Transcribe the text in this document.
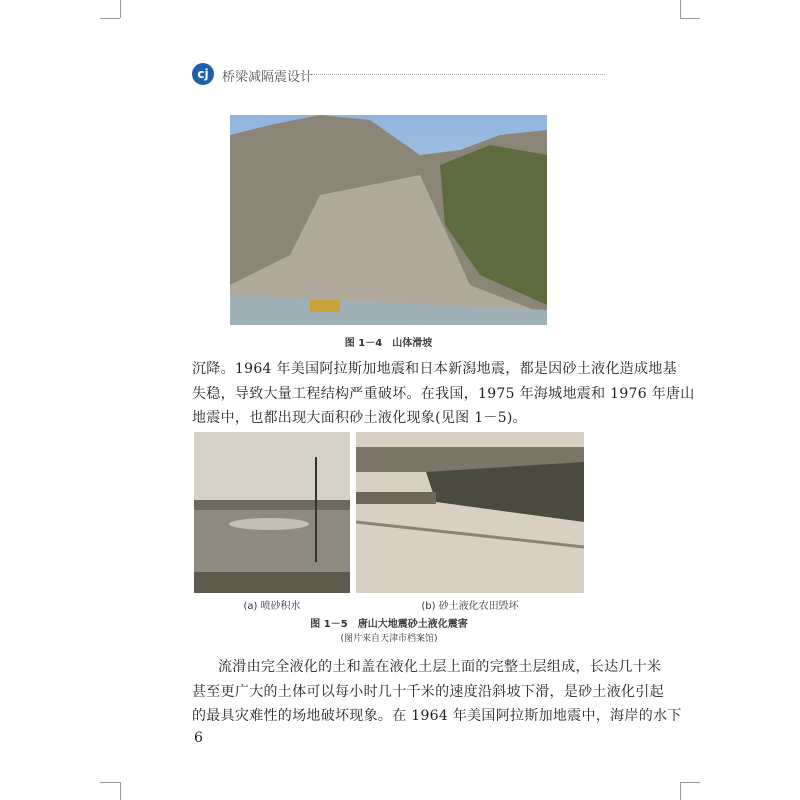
cj	桥梁减隔震设计
图 1－4　山体滑坡
沉降。1964 年美国阿拉斯加地震和日本新潟地震，都是因砂土液化造成地基
失稳，导致大量工程结构严重破坏。在我国，1975 年海城地震和 1976 年唐山
地震中，也都出现大面积砂土液化现象(见图 1－5)。
(a) 喷砂积水	(b) 砂土液化农田毁坏
图 1－5　唐山大地震砂土液化震害
(图片来自天津市档案馆)
流滑由完全液化的土和盖在液化土层上面的完整土层组成，长达几十米
甚至更广大的土体可以每小时几十千米的速度沿斜坡下滑，是砂土液化引起
的最具灾难性的场地破坏现象。在 1964 年美国阿拉斯加地震中，海岸的水下
6
